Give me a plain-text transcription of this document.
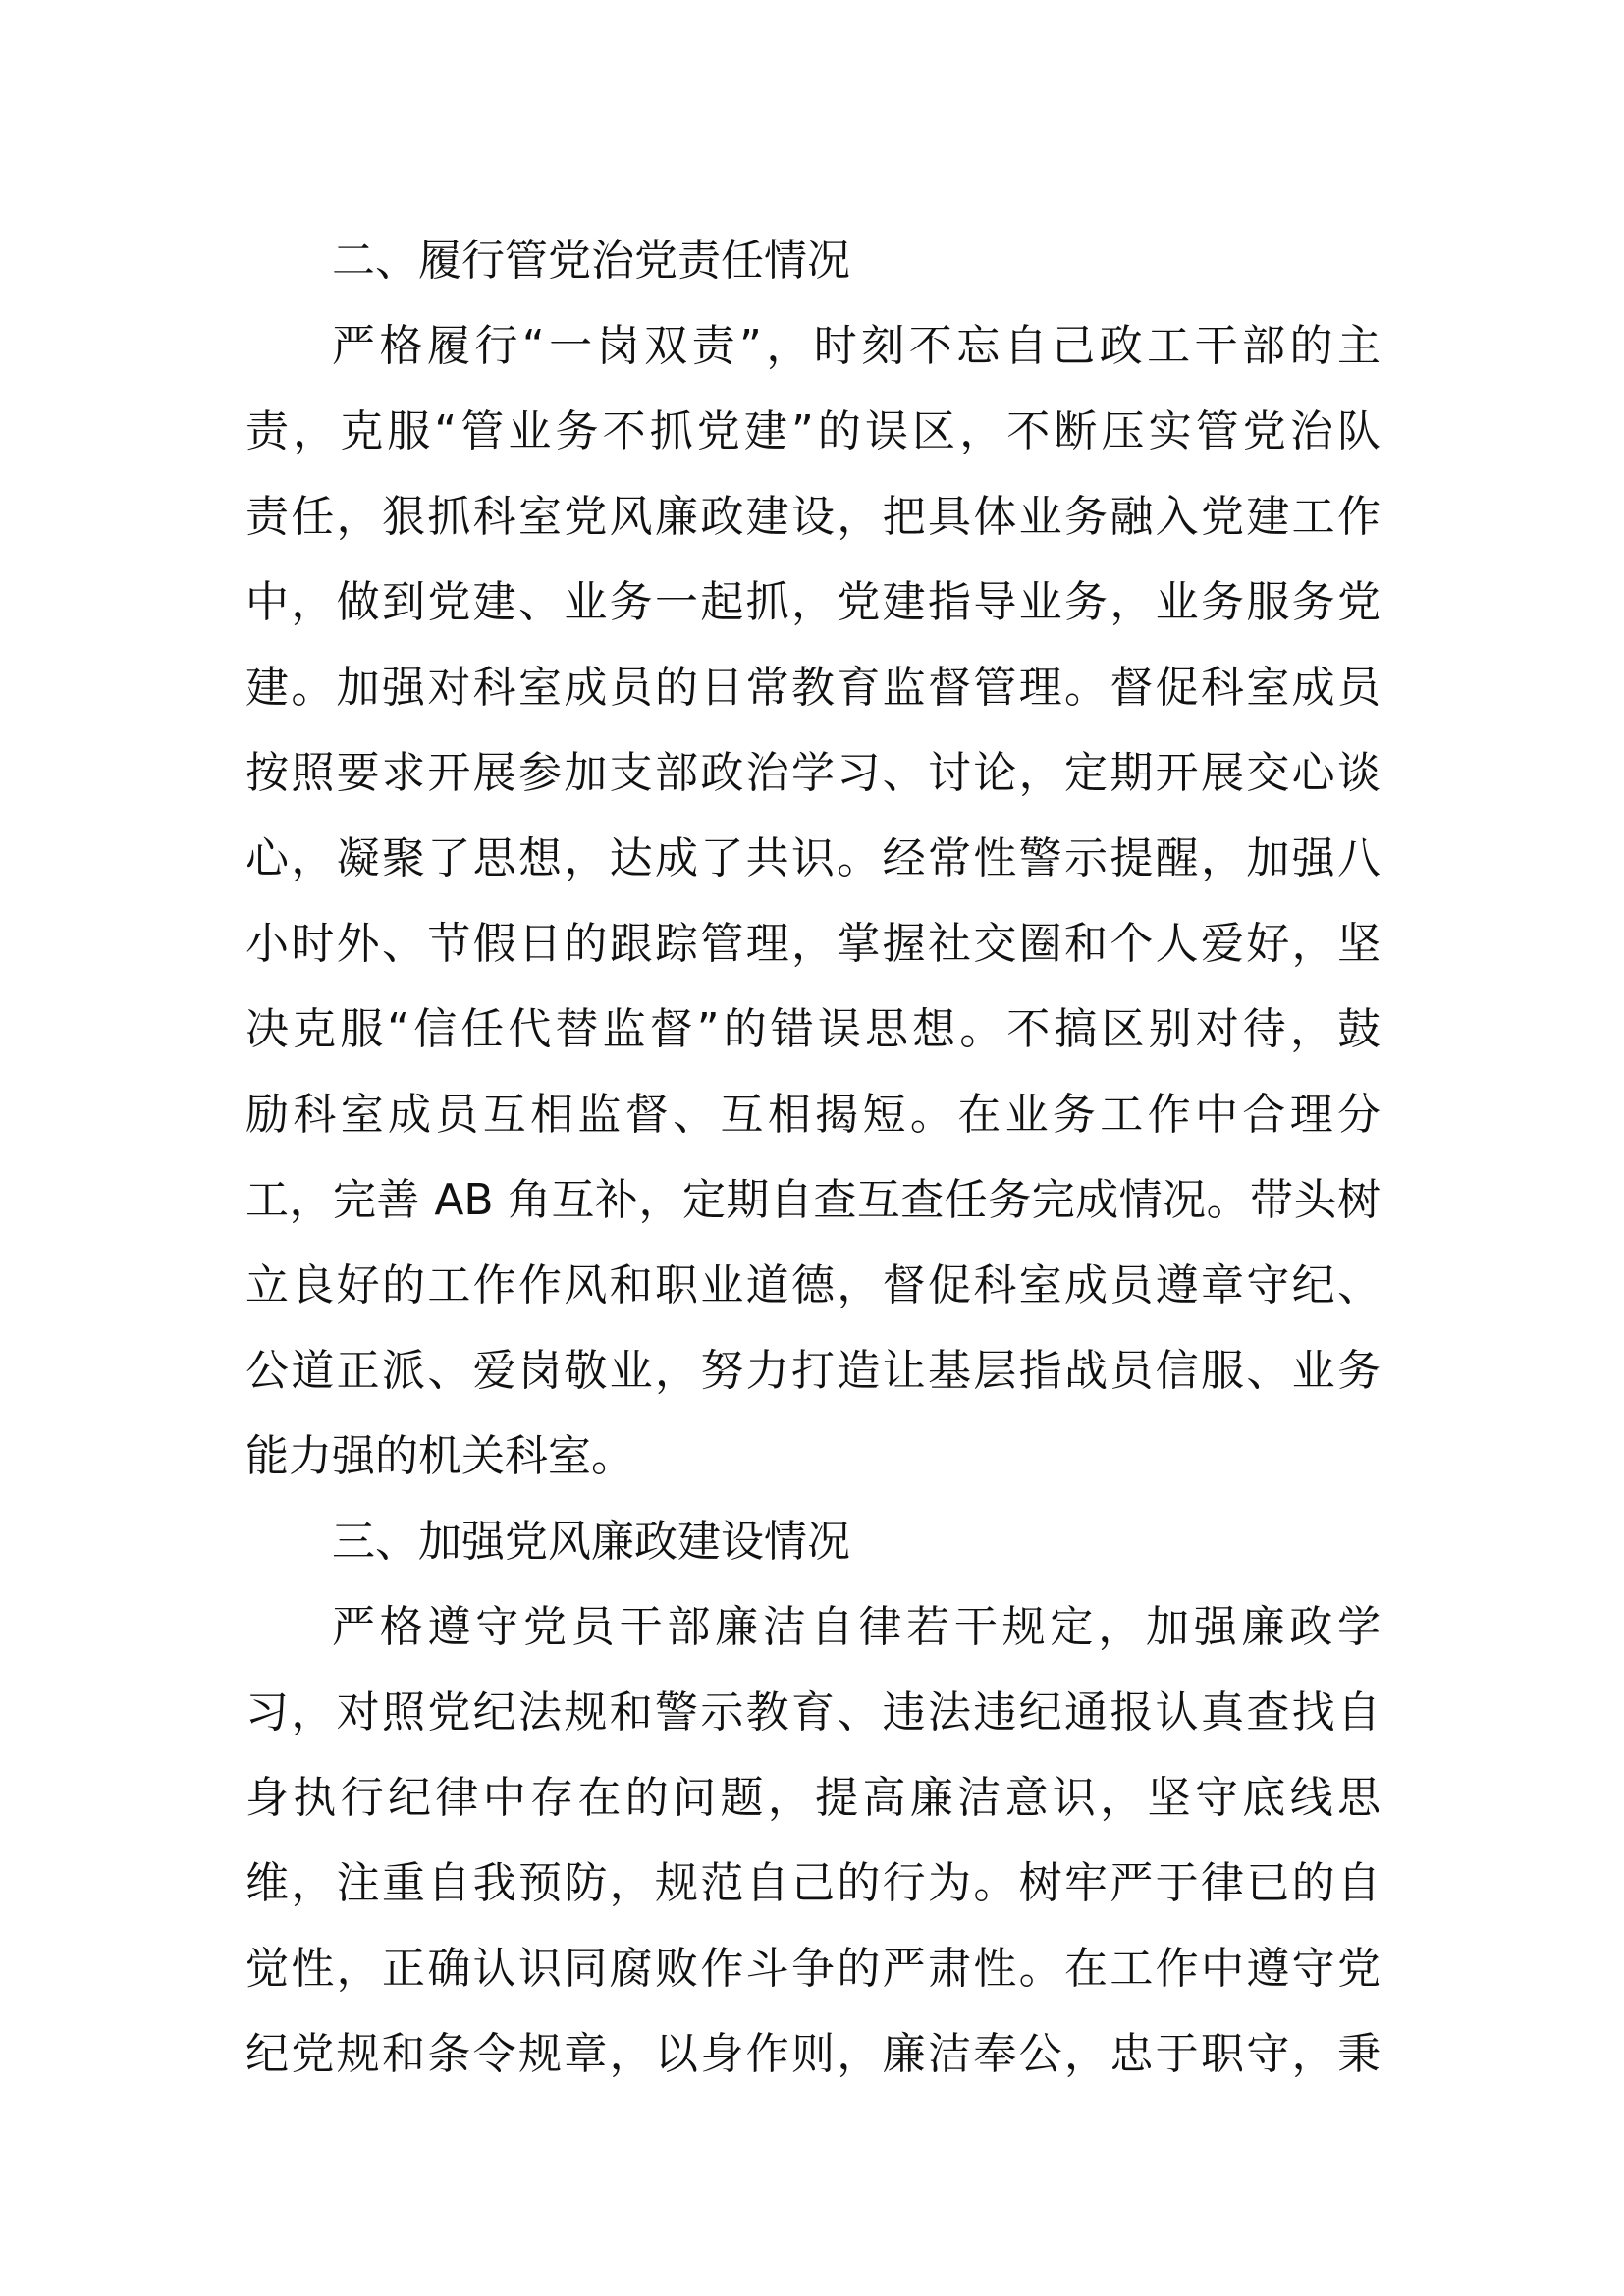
二、履行管党治党责任情况
严格履行“一岗双责”，时刻不忘自己政工干部的主
责，克服“管业务不抓党建”的误区，不断压实管党治队
责任，狠抓科室党风廉政建设，把具体业务融入党建工作
中，做到党建、业务一起抓，党建指导业务，业务服务党
建。加强对科室成员的日常教育监督管理。督促科室成员
按照要求开展参加支部政治学习、讨论，定期开展交心谈
心，凝聚了思想，达成了共识。经常性警示提醒，加强八
小时外、节假日的跟踪管理，掌握社交圈和个人爱好，坚
决克服“信任代替监督”的错误思想。不搞区别对待，鼓
励科室成员互相监督、互相揭短。在业务工作中合理分
工，完善 AB 角互补，定期自查互查任务完成情况。带头树
立良好的工作作风和职业道德，督促科室成员遵章守纪、
公道正派、爱岗敬业，努力打造让基层指战员信服、业务
能力强的机关科室。
三、加强党风廉政建设情况
严格遵守党员干部廉洁自律若干规定，加强廉政学
习，对照党纪法规和警示教育、违法违纪通报认真查找自
身执行纪律中存在的问题，提高廉洁意识，坚守底线思
维，注重自我预防，规范自己的行为。树牢严于律已的自
觉性，正确认识同腐败作斗争的严肃性。在工作中遵守党
纪党规和条令规章，以身作则，廉洁奉公，忠于职守，秉
